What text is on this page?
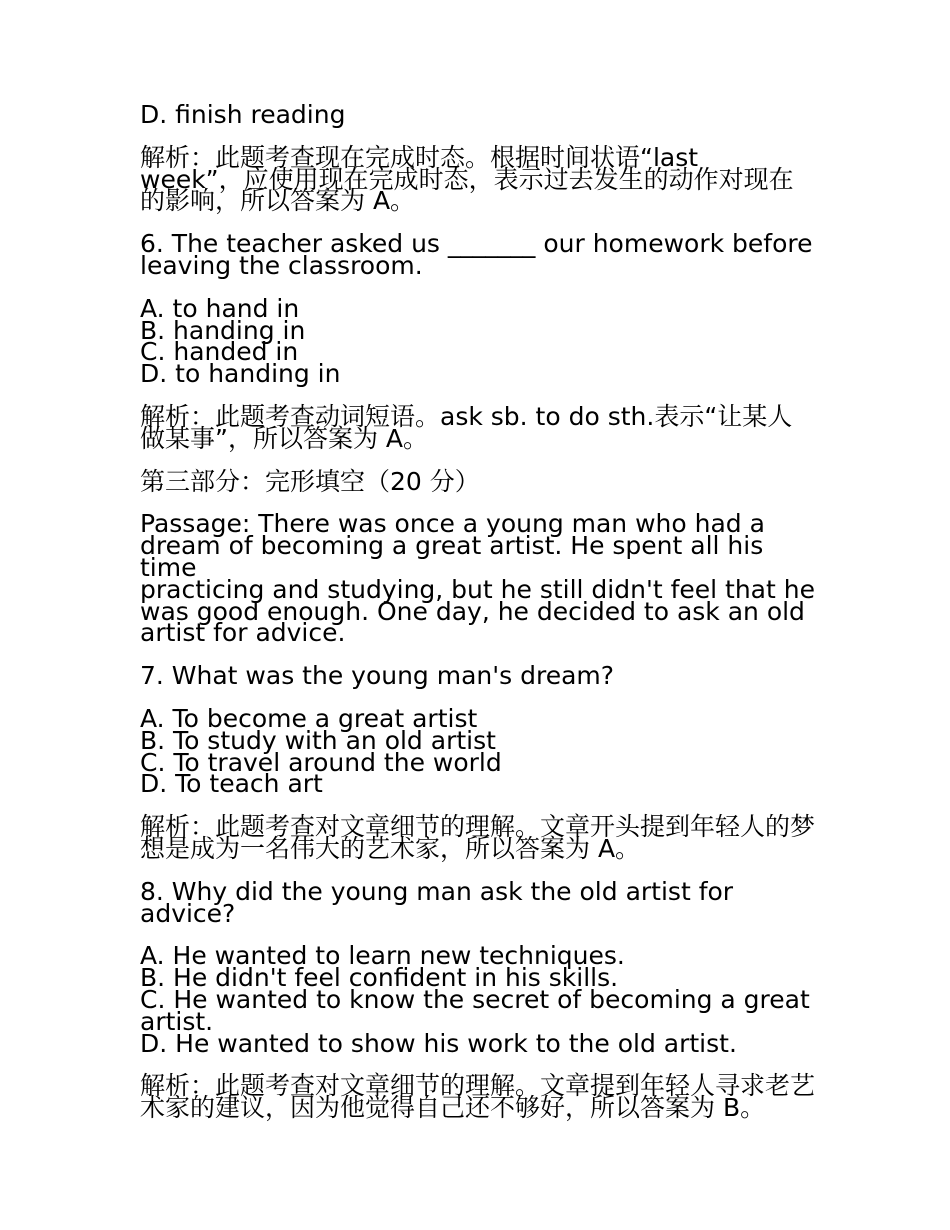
D. finish reading

解析：此题考查现在完成时态。根据时间状语“last

week”，应使用现在完成时态，表示过去发生的动作对现在

的影响，所以答案为 A。

6. The teacher asked us _______ our homework before

leaving the classroom.

A. to hand in

B. handing in

C. handed in

D. to handing in

解析：此题考查动词短语。ask sb. to do sth.表示“让某人

做某事”，所以答案为 A。

第三部分：完形填空（20 分）

Passage: There was once a young man who had a

dream of becoming a great artist. He spent all his time

practicing and studying, but he still didn't feel that he

was good enough. One day, he decided to ask an old

artist for advice.

7. What was the young man's dream?

A. To become a great artist

B. To study with an old artist

C. To travel around the world

D. To teach art

解析：此题考查对文章细节的理解。文章开头提到年轻人的梦

想是成为一名伟大的艺术家，所以答案为 A。

8. Why did the young man ask the old artist for advice?

A. He wanted to learn new techniques.

B. He didn't feel confident in his skills.

C. He wanted to know the secret of becoming a great

artist.

D. He wanted to show his work to the old artist.

解析：此题考查对文章细节的理解。文章提到年轻人寻求老艺

术家的建议，因为他觉得自己还不够好，所以答案为 B。
